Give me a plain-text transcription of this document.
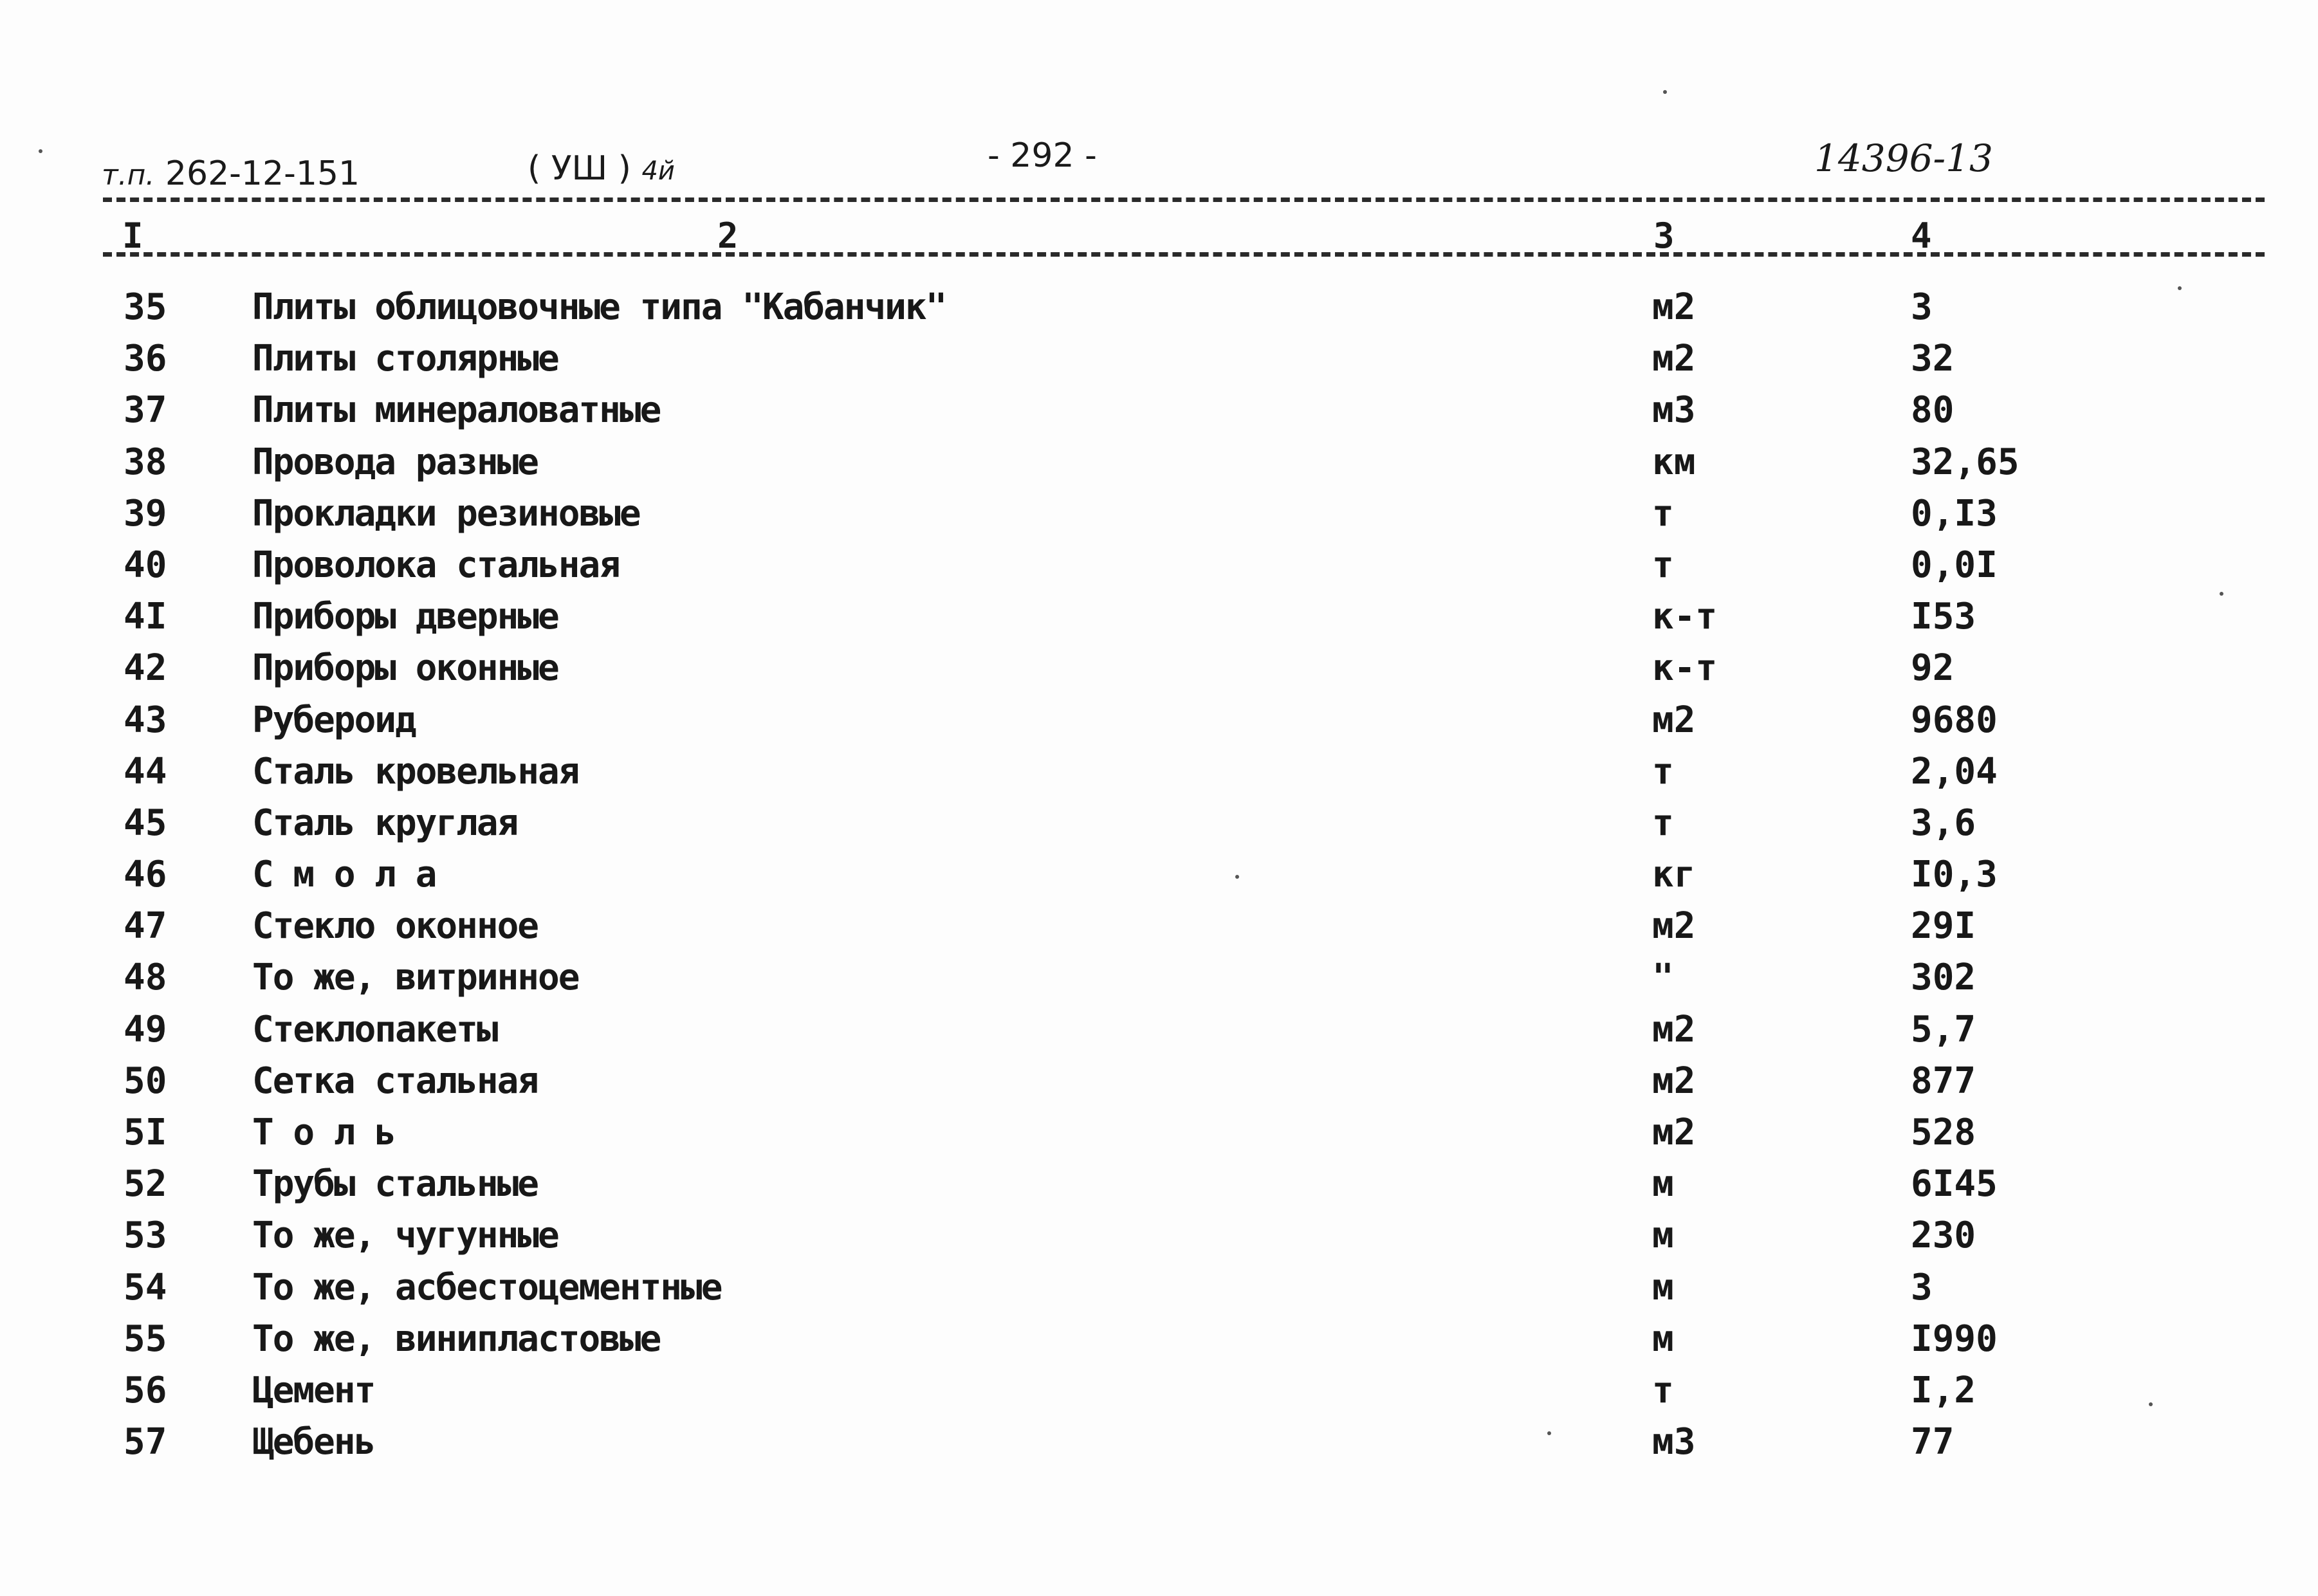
т.п. 262-12-151	( УШ ) 4й	- 292 -	14396-13
I	2	3	4
35 Плиты облицовочные типа "Кабанчик"	м2	3
36 Плиты столярные	м2	32
37 Плиты минераловатные	м3	80
38 Провода разные	км	32,65
39 Прокладки резиновые	т	0,I3
40 Проволока стальная	т	0,0I
4I Приборы дверные	к-т	I53
42 Приборы оконные	к-т	92
43 Рубероид	м2	9680
44 Сталь кровельная	т	2,04
45 Сталь круглая	т	3,6
46 С м о л а	кг	I0,3
47 Стекло оконное	м2	29I
48 То же, витринное	"	302
49 Стеклопакеты	м2	5,7
50 Сетка стальная	м2	877
5I Т о л ь	м2	528
52 Трубы стальные	м	6I45
53 То же, чугунные	м	230
54 То же, асбестоцементные	м	3
55 То же, винипластовые	м	I990
56 Цемент	т	I,2
57 Щебень	м3	77
